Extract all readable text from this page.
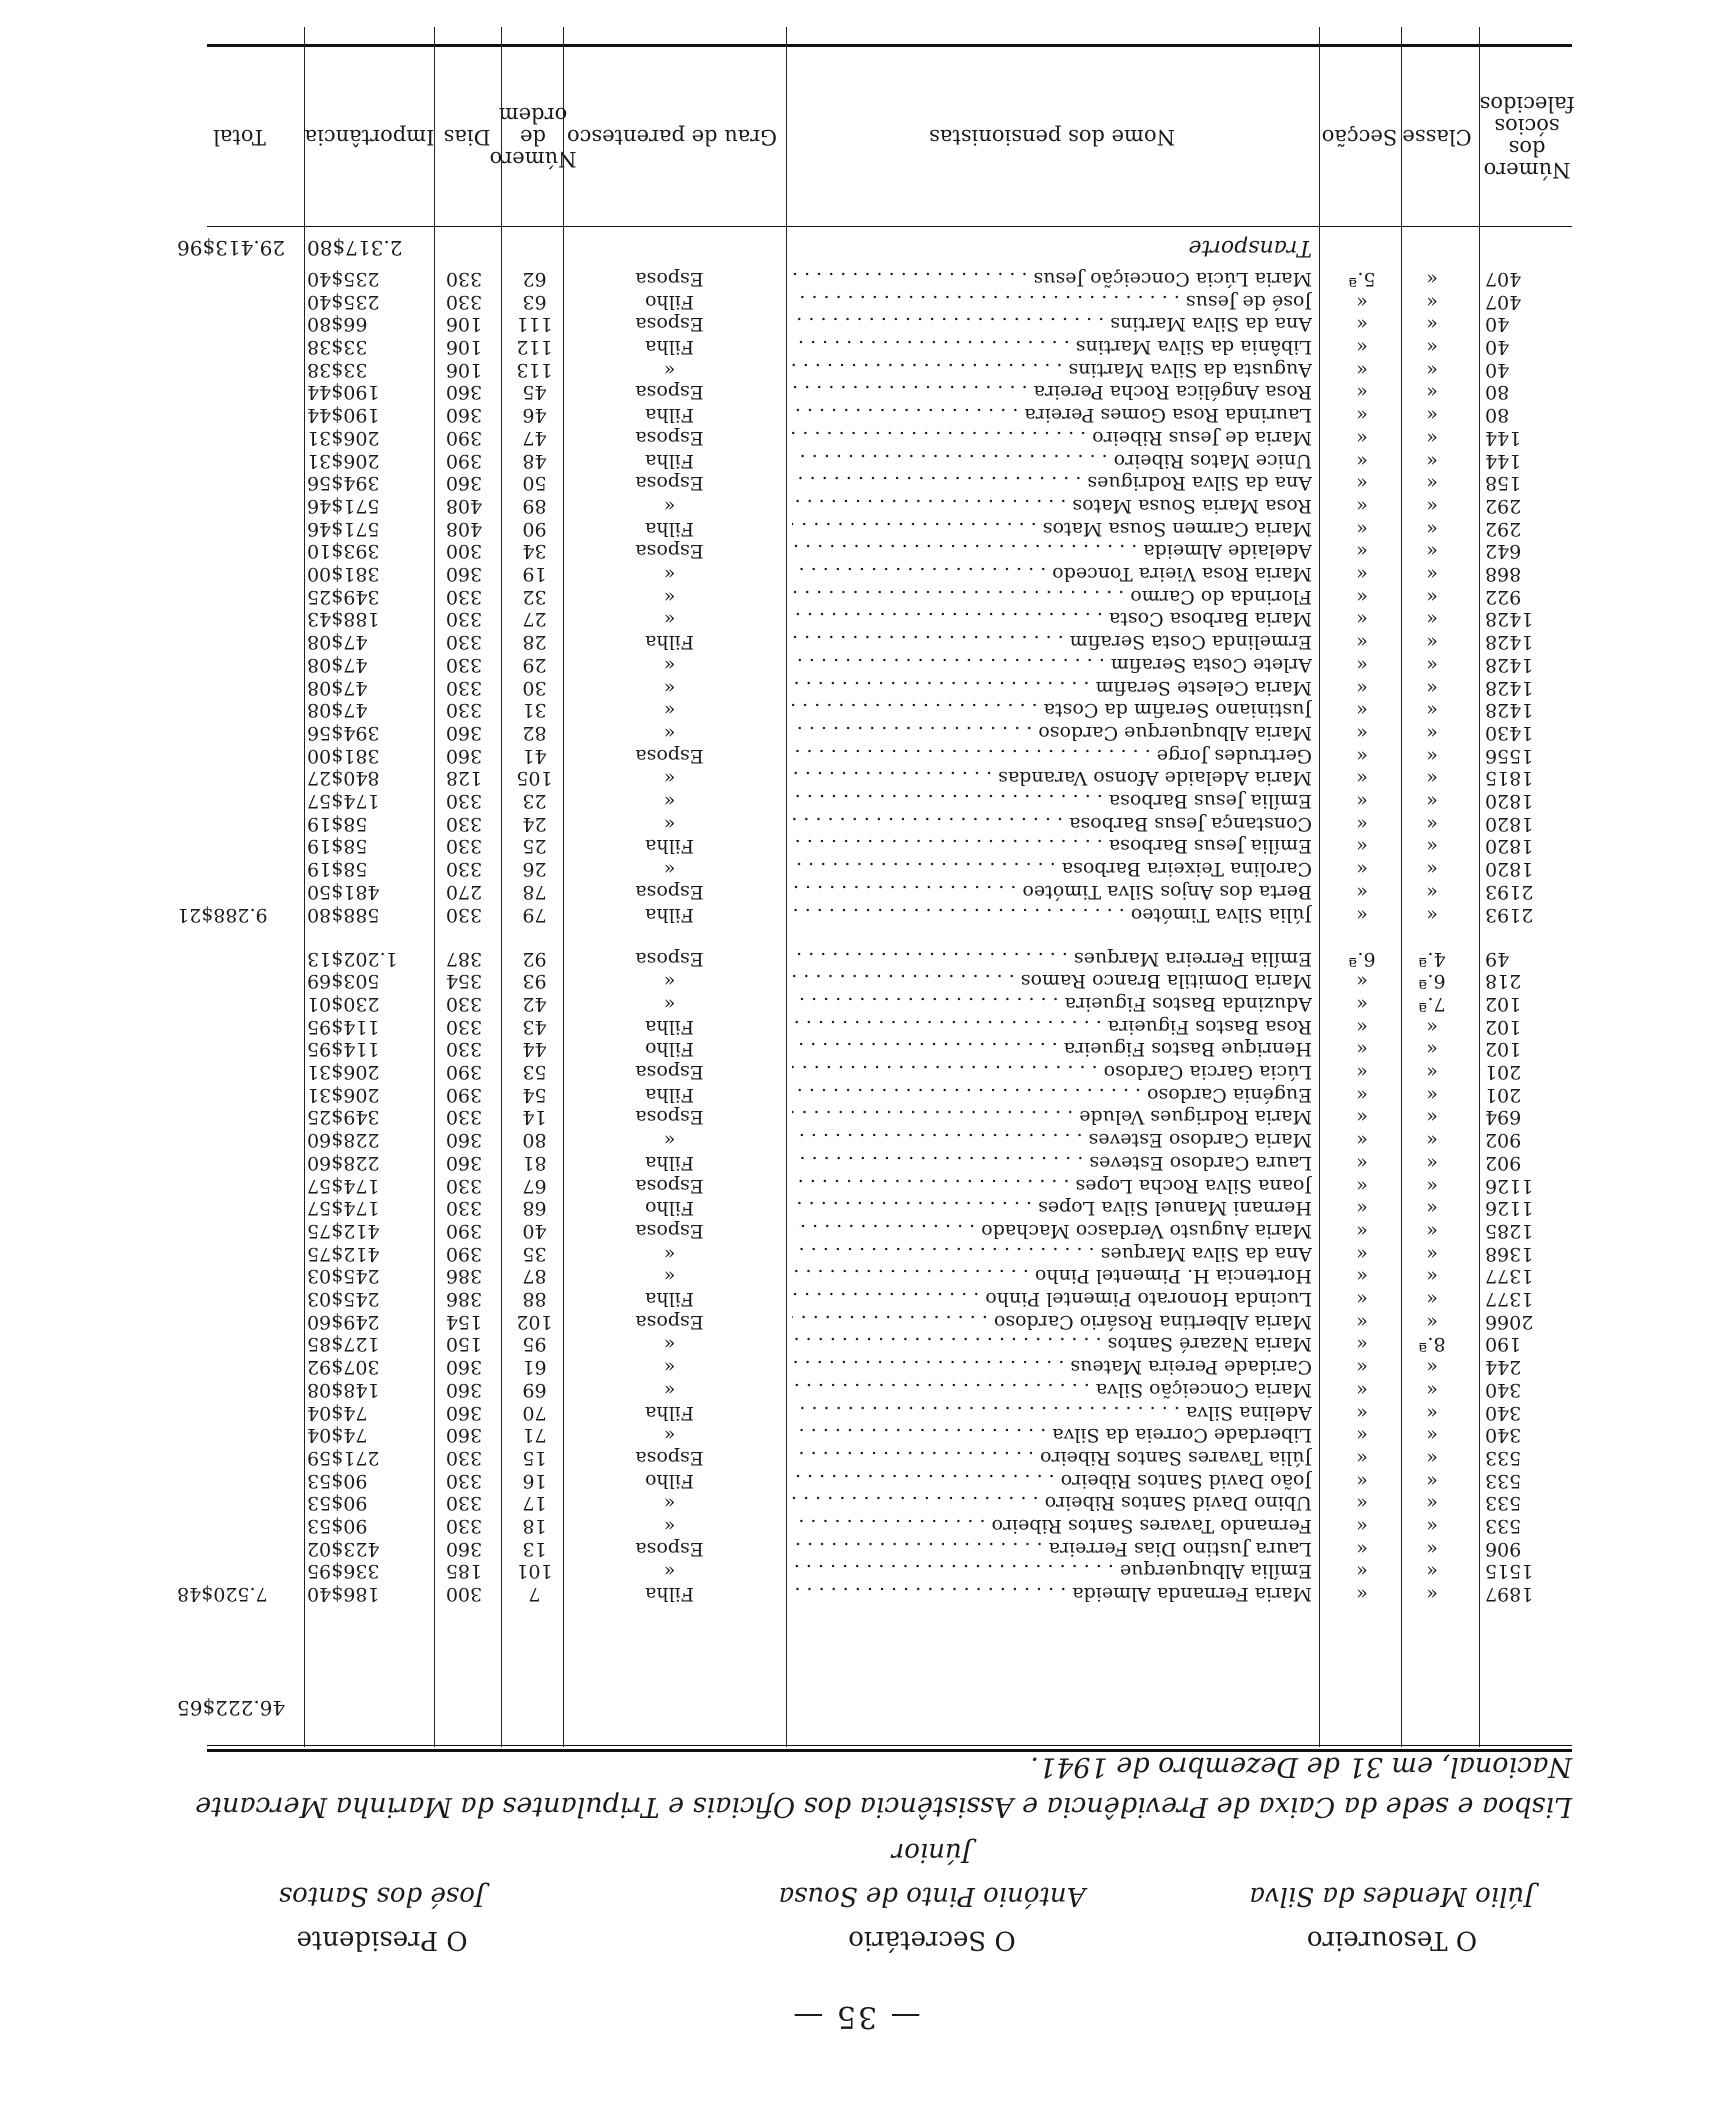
— 35 —
O Presidente
José dos Santos
O Secretário
António Pinto de Sousa Júnior
O Tesoureiro
Júlio Mendes da Silva
Lisboa e sede da Caixa de Previdência e Assistência dos Oficiais e Tripulantes da Marinha Mercante Nacional, em 31 de Dezembro de 1941.
407
«
5.ª
Maria Lúcia Conceição Jesus . . .
Esposa
62
330
235$40
407
«
«
José de Jesus . . .
Filho
63
330
235$40
40
«
«
Ana da Silva Martins . . .
Esposa
111
106
66$80
40
«
«
Libânia da Silva Martins . . .
Filha
112
106
33$38
40
«
«
Augusta da Silva Martins . . .
«
113
106
33$38
80
«
«
Rosa Angélica Rocha Pereira . . .
Esposa
45
360
190$44
80
«
«
Laurinda Rosa Gomes Pereira . . .
Filha
46
360
190$44
144
«
«
Maria de Jesus Ribeiro . . .
Esposa
47
390
206$31
144
«
«
Unice Matos Ribeiro . . .
Filha
48
390
206$31
158
«
«
Ana da Silva Rodrigues . . .
Esposa
50
360
394$56
292
«
«
Rosa Maria Sousa Matos . . .
«
89
408
571$46
292
«
«
Maria Carmen Sousa Matos . . .
Filha
90
408
571$46
642
«
«
Adelaide Almeida . . .
Esposa
34
300
393$10
868
«
«
Maria Rosa Vieira Toncedo . . .
«
19
360
381$00
922
«
«
Florinda do Carmo . . .
«
32
330
349$25
1428
«
«
Maria Barbosa Costa . . .
«
27
330
188$43
1428
«
«
Ermelinda Costa Serafim . . .
Filha
28
330
47$08
1428
«
«
Arlete Costa Serafim . . .
«
29
330
47$08
1428
«
«
Maria Celeste Serafim . . .
«
30
330
47$08
1428
«
«
Justiniano Serafim da Costa . . .
«
31
330
47$08
1430
«
«
Maria Albuquerque Cardoso . . .
«
82
360
394$56
1556
«
«
Gertrudes Jorge . . .
Esposa
41
360
381$00
1815
«
«
Maria Adelaide Afonso Varandas . . .
«
105
128
840$27
1820
«
«
Emília Jesus Barbosa . . .
«
23
330
174$57
1820
«
«
Constança Jesus Barbosa . . .
«
24
330
58$19
1820
«
«
Emília Jesus Barbosa . . .
Filha
25
330
58$19
1820
«
«
Carolina Teixeira Barbosa . . .
«
26
330
58$19
2193
«
«
Berta dos Anjos Silva Timóteo . . .
Esposa
78
270
481$50
2193
«
«
Júlia Silva Timóteo . . .
Filha
79
330
588$80
9.288$21
49
4.ª
6.ª
Emília Ferreira Marques . . .
Esposa
92
387
1.202$13
218
6.ª
«
Maria Domitila Branco Ramos . . .
«
93
354
503$69
102
7.ª
«
Aduzinda Bastos Figueira . . .
«
42
330
230$01
102
«
«
Rosa Bastos Figueira . . .
Filha
43
330
114$95
102
«
«
Henrique Bastos Figueira . . .
Filho
44
330
114$95
201
«
«
Lúcia Garcia Cardoso . . .
Esposa
53
390
206$31
201
«
«
Eugénia Cardoso . . .
Filha
54
390
206$31
694
«
«
Maria Rodrigues Velude . . .
Esposa
14
330
349$25
902
«
«
Maria Cardoso Esteves . . .
«
80
360
228$60
902
«
«
Laura Cardoso Esteves . . .
Filha
81
360
228$60
1126
«
«
Joana Silva Rocha Lopes . . .
Esposa
67
330
174$57
1126
«
«
Hernani Manuel Silva Lopes . . .
Filho
68
330
174$57
1285
«
«
Maria Augusto Verdasco Machado . . .
Esposa
40
390
412$75
1368
«
«
Ana da Silva Marques . . .
«
35
390
412$75
1377
«
«
Hortencia H. Pimentel Pinho . . .
«
87
386
245$03
1377
«
«
Lucinda Honorato Pimentel Pinho . . .
Filha
88
386
245$03
2066
«
«
Maria Albertina Rosário Cardoso . . .
Esposa
102
154
249$60
190
8.ª
«
Maria Nazaré Santos . . .
«
95
150
127$85
244
«
«
Caridade Pereira Mateus . . .
«
61
360
307$92
340
«
«
Maria Conceição Silva . . .
«
69
360
148$08
340
«
«
Adelina Silva . . .
Filha
70
360
74$04
340
«
«
Liberdade Correia da Silva . . .
«
71
360
74$04
533
«
«
Júlia Tavares Santos Ribeiro . . .
Esposa
15
330
271$59
533
«
«
João David Santos Ribeiro . . .
Filho
16
330
90$53
533
«
«
Ubino David Santos Ribeiro . . .
«
17
330
90$53
533
«
«
Fernando Tavares Santos Ribeiro . . .
«
18
330
90$53
906
«
«
Laura Justino Dias Ferreira . . .
Esposa
13
360
423$02
1515
«
«
Emília Albuquerque . . .
«
101
185
336$95
1897
«
«
Maria Fernanda Almeida . . .
Filha
7
300
186$40
7.520$48
Transporte
2.317$80
29.413$96
Número dos sócios falecidos
Classe
Secção
Nome dos pensionistas
Grau de parentesco
Número de ordem
Dias
Importância
Total
46.222$65
